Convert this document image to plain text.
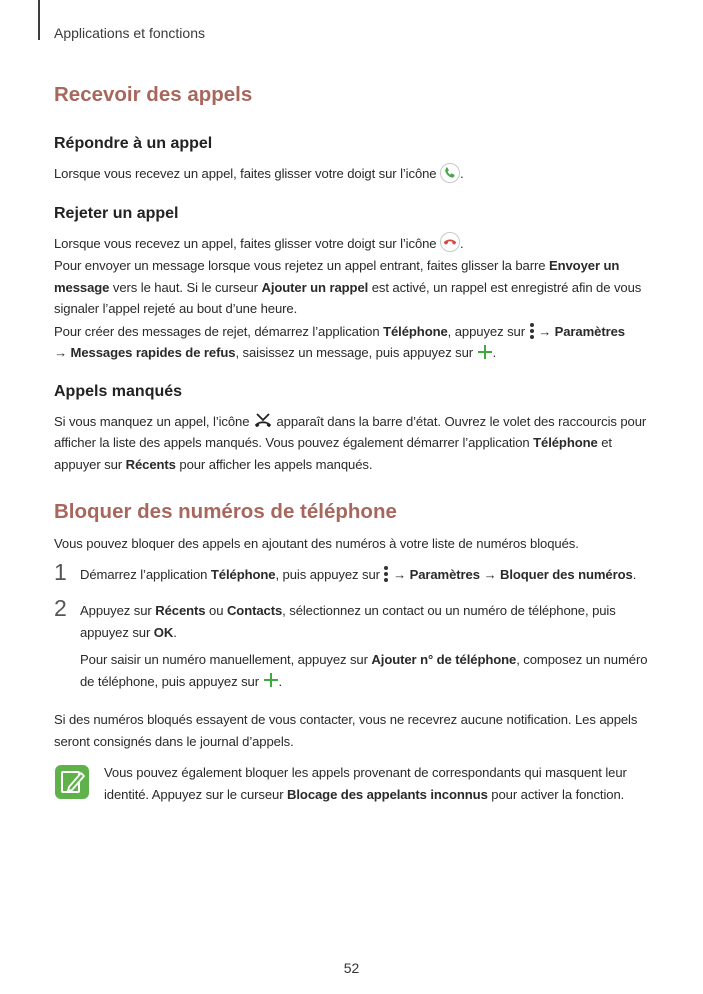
Applications et fonctions
Recevoir des appels
Répondre à un appel

Lorsque vous recevez un appel, faites glisser votre doigt sur l’icône
.

Rejeter un appel

Lorsque vous recevez un appel, faites glisser votre doigt sur l’icône
.

Pour envoyer un message lorsque vous rejetez un appel entrant, faites glisser la barre Envoyer un message vers le haut. Si le curseur Ajouter un rappel est activé, un rappel est enregistré afin de vous signaler l’appel rejeté au bout d’une heure.

Pour créer des messages de rejet, démarrez l’application Téléphone, appuyez sur  → Paramètres
→ Messages rapides de refus, saisissez un message, puis appuyez sur .

Appels manqués

Si vous manquez un appel, l’icône  apparaît dans la barre d’état. Ouvrez le volet des raccourcis pour afficher la liste des appels manqués. Vous pouvez également démarrer l’application Téléphone et appuyer sur Récents pour afficher les appels manqués.

Bloquer des numéros de téléphone

Vous pouvez bloquer des appels en ajoutant des numéros à votre liste de numéros bloqués.

1 Démarrez l’application Téléphone, puis appuyez sur  → Paramètres → Bloquer des numéros.

2 Appuyez sur Récents ou Contacts, sélectionnez un contact ou un numéro de téléphone, puis appuyez sur OK.

Pour saisir un numéro manuellement, appuyez sur Ajouter n° de téléphone, composez un numéro de téléphone, puis appuyez sur .

Si des numéros bloqués essayent de vous contacter, vous ne recevrez aucune notification. Les appels seront consignés dans le journal d’appels.

Vous pouvez également bloquer les appels provenant de correspondants qui masquent leur identité. Appuyez sur le curseur Blocage des appelants inconnus pour activer la fonction.

52
